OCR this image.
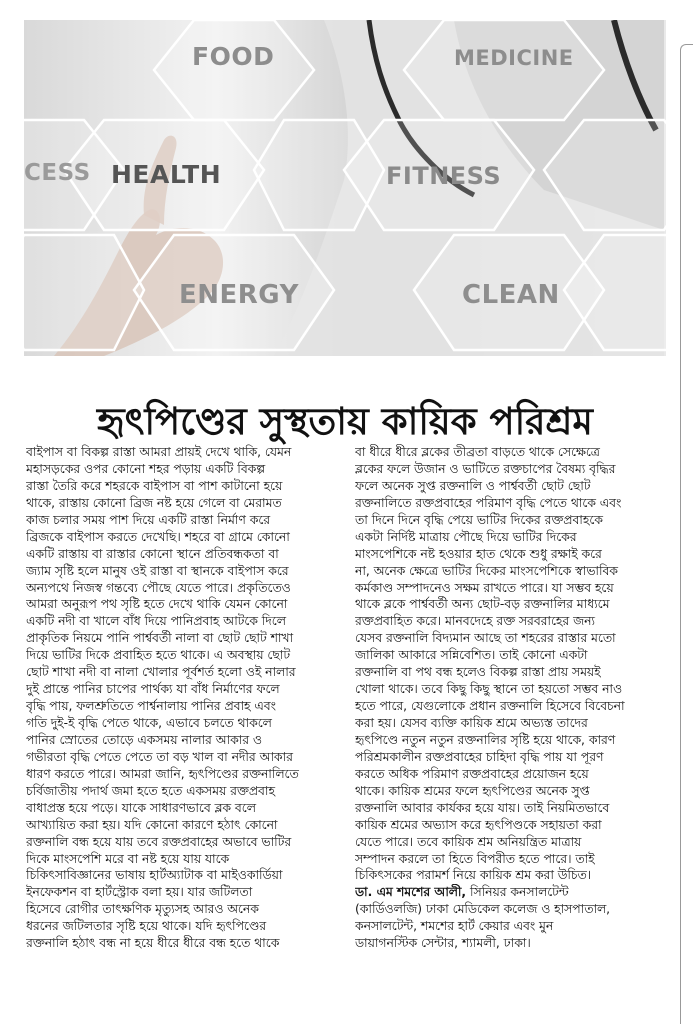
FOOD	MEDICINE
CESS HEALTH	FITNESS
ENERGY	CLEAN
হৃৎপিণ্ডের সুস্থতায় কায়িক পরিশ্রম
বাইপাস বা বিকল্প রাস্তা আমরা প্রায়ই দেখে থাকি, যেমন
মহাসড়কের ওপর কোনো শহর পড়ায় একটি বিকল্প
রাস্তা তৈরি করে শহরকে বাইপাস বা পাশ কাটানো হয়ে
থাকে, রাস্তায় কোনো ব্রিজ নষ্ট হয়ে গেলে বা মেরামত
কাজ চলার সময় পাশ দিয়ে একটি রাস্তা নির্মাণ করে
ব্রিজকে বাইপাস করতে দেখেছি। শহরে বা গ্রামে কোনো
একটি রাস্তায় বা রাস্তার কোনো স্থানে প্রতিবন্ধকতা বা
জ্যাম সৃষ্টি হলে মানুষ ওই রাস্তা বা স্থানকে বাইপাস করে
অন্যপথে নিজস্ব গন্তব্যে পৌছে যেতে পারে। প্রকৃতিতেও
আমরা অনুরূপ পথ সৃষ্টি হতে দেখে থাকি যেমন কোনো
একটি নদী বা খালে বাঁধ দিয়ে পানিপ্রবাহ আটকে দিলে
প্রাকৃতিক নিয়মে পানি পার্শ্ববর্তী নালা বা ছোট ছোট শাখা
দিয়ে ভাটির দিকে প্রবাহিত হতে থাকে। এ অবস্থায় ছোট
ছোট শাখা নদী বা নালা খোলার পূর্বশর্ত হলো ওই নালার
দুই প্রান্তে পানির চাপের পার্থক্য যা বাঁধ নির্মাণের ফলে
বৃদ্ধি পায়, ফলশ্রুতিতে পার্শ্বনালায় পানির প্রবাহ এবং
গতি দুই-ই বৃদ্ধি পেতে থাকে, এভাবে চলতে থাকলে
পানির স্রোতের তোড়ে একসময় নালার আকার ও
গভীরতা বৃদ্ধি পেতে পেতে তা বড় খাল বা নদীর আকার
ধারণ করতে পারে। আমরা জানি, হৃৎপিণ্ডের রক্তনালিতে
চর্বিজাতীয় পদার্থ জমা হতে হতে একসময় রক্তপ্রবাহ
বাধাপ্রস্ত হয়ে পড়ে। যাকে সাধারণভাবে ব্লক বলে
আখ্যায়িত করা হয়। যদি কোনো কারণে হঠাৎ কোনো
রক্তনালি বন্ধ হয়ে যায় তবে রক্তপ্রবাহের অভাবে ভাটির
দিকে মাংসপেশি মরে বা নষ্ট হয়ে যায় যাকে
চিকিৎসাবিজ্ঞানের ভাষায় হার্টঅ্যাটাক বা মাইওকার্ডিয়া
ইনফেকশন বা হার্টস্ট্রোক বলা হয়। যার জটিলতা
হিসেবে রোগীর তাৎক্ষণিক মৃত্যুসহ আরও অনেক
ধরনের জটিলতার সৃষ্টি হয়ে থাকে। যদি হৃৎপিণ্ডের
রক্তনালি হঠাৎ বন্ধ না হয়ে ধীরে ধীরে বন্ধ হতে থাকে
বা ধীরে ধীরে ব্লকের তীব্রতা বাড়তে থাকে সেক্ষেত্রে
ব্লকের ফলে উজান ও ভাটিতে রক্তচাপের বৈষম্য বৃদ্ধির
ফলে অনেক সুপ্ত রক্তনালি ও পার্শ্ববর্তী ছোট ছোট
রক্তনালিতে রক্তপ্রবাহের পরিমাণ বৃদ্ধি পেতে থাকে এবং
তা দিনে দিনে বৃদ্ধি পেয়ে ভাটির দিকের রক্তপ্রবাহকে
একটা নির্দিষ্ট মাত্রায় পৌছে দিয়ে ভাটির দিকের
মাংসপেশিকে নষ্ট হওয়ার হাত থেকে শুধু রক্ষাই করে
না, অনেক ক্ষেত্রে ভাটির দিকের মাংসপেশিকে স্বাভাবিক
কর্মকাণ্ড সম্পাদনেও সক্ষম রাখতে পারে। যা সম্ভব হয়ে
থাকে ব্লকে পার্শ্ববর্তী অন্য ছোট-বড় রক্তনালির মাধ্যমে
রক্তপ্রবাহিত করে। মানবদেহে রক্ত সরবরাহের জন্য
যেসব রক্তনালি বিদ্যমান আছে তা শহরের রাস্তার মতো
জালিকা আকারে সন্নিবেশিত। তাই কোনো একটা
রক্তনালি বা পথ বন্ধ হলেও বিকল্প রাস্তা প্রায় সময়ই
খোলা থাকে। তবে কিছু কিছু স্থানে তা হয়তো সম্ভব নাও
হতে পারে, যেগুলোকে প্রধান রক্তনালি হিসেবে বিবেচনা
করা হয়। যেসব ব্যক্তি কায়িক শ্রমে অভ্যস্ত তাদের
হৃৎপিণ্ডে নতুন নতুন রক্তনালির সৃষ্টি হয়ে থাকে, কারণ
পরিশ্রমকালীন রক্তপ্রবাহের চাহিদা বৃদ্ধি পায় যা পূরণ
করতে অধিক পরিমাণ রক্তপ্রবাহের প্রয়োজন হয়ে
থাকে। কায়িক শ্রমের ফলে হৃৎপিণ্ডের অনেক সুপ্ত
রক্তনালি আবার কার্যকর হয়ে যায়। তাই নিয়মিতভাবে
কায়িক শ্রমের অভ্যাস করে হৃৎপিণ্ডকে সহায়তা করা
যেতে পারে। তবে কায়িক শ্রম অনিয়ন্ত্রিত মাত্রায়
সম্পাদন করলে তা হিতে বিপরীত হতে পারে। তাই
চিকিৎসকের পরামর্শ নিয়ে কায়িক শ্রম করা উচিত।
ডা. এম শমশের আলী, সিনিয়র কনসালটেন্ট
(কার্ডিওলজি) ঢাকা মেডিকেল কলেজ ও হাসপাতাল,
কনসালটেন্ট, শমশের হার্ট কেয়ার এবং মুন
ডায়াগনস্টিক সেন্টার, শ্যামলী, ঢাকা।
